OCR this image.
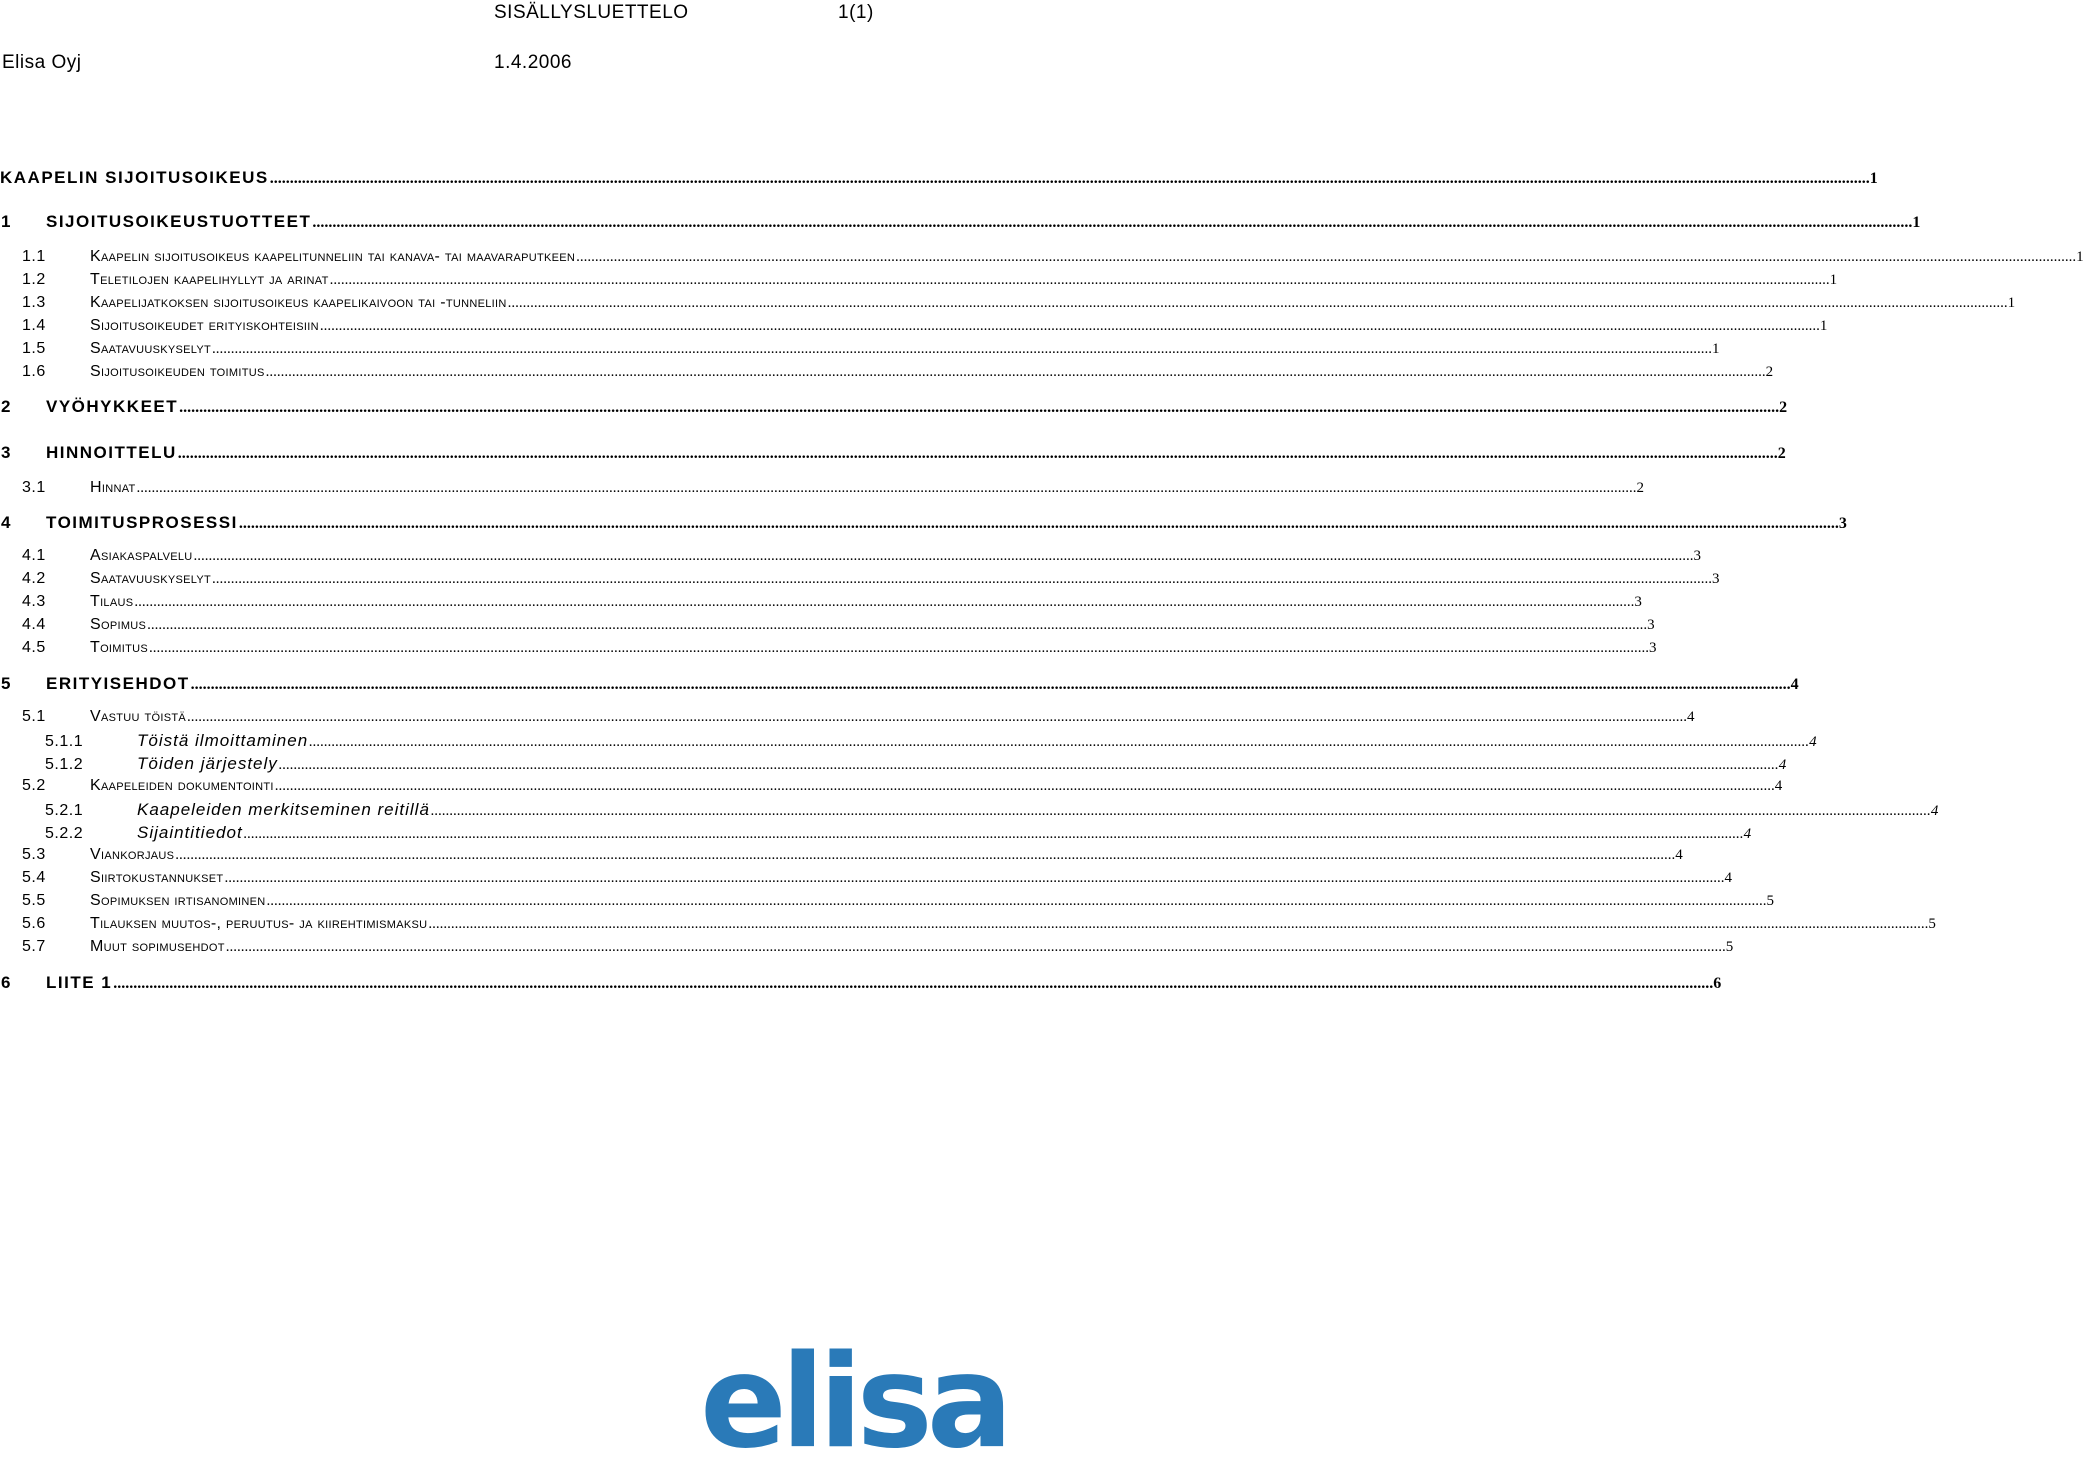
SISÄLLYSLUETTELO	1(1)
Elisa Oyj	1.4.2006
KAAPELIN SIJOITUSOIKEUS ................................................................................................................................................................................................................................................................................................................................................................................................................ 1
1	SIJOITUSOIKEUSTUOTTEET ................................................................................................................................................................................................................................................................................................................................................................................................................ 1
1.1	Kaapelin sijoitusoikeus kaapelitunneliin tai kanava- tai maavaraputkeen ................................................................................................................................................................................................................................................................................................................................................................................................................ 1
1.2	Teletilojen kaapelihyllyt ja arinat ................................................................................................................................................................................................................................................................................................................................................................................................................ 1
1.3	Kaapelijatkoksen sijoitusoikeus kaapelikaivoon tai -tunneliin ................................................................................................................................................................................................................................................................................................................................................................................................................ 1
1.4	Sijoitusoikeudet erityiskohteisiin ................................................................................................................................................................................................................................................................................................................................................................................................................ 1
1.5	Saatavuuskyselyt ................................................................................................................................................................................................................................................................................................................................................................................................................ 1
1.6	Sijoitusoikeuden toimitus ................................................................................................................................................................................................................................................................................................................................................................................................................ 2
2	VYÖHYKKEET ................................................................................................................................................................................................................................................................................................................................................................................................................ 2
3	HINNOITTELU ................................................................................................................................................................................................................................................................................................................................................................................................................ 2
3.1	Hinnat ................................................................................................................................................................................................................................................................................................................................................................................................................ 2
4	TOIMITUSPROSESSI ................................................................................................................................................................................................................................................................................................................................................................................................................ 3
4.1	Asiakaspalvelu ................................................................................................................................................................................................................................................................................................................................................................................................................ 3
4.2	Saatavuuskyselyt ................................................................................................................................................................................................................................................................................................................................................................................................................ 3
4.3	Tilaus ................................................................................................................................................................................................................................................................................................................................................................................................................ 3
4.4	Sopimus ................................................................................................................................................................................................................................................................................................................................................................................................................ 3
4.5	Toimitus ................................................................................................................................................................................................................................................................................................................................................................................................................ 3
5	ERITYISEHDOT ................................................................................................................................................................................................................................................................................................................................................................................................................ 4
5.1	Vastuu töistä ................................................................................................................................................................................................................................................................................................................................................................................................................ 4
5.1.1	Töistä ilmoittaminen ................................................................................................................................................................................................................................................................................................................................................................................................................ 4
5.1.2	Töiden järjestely ................................................................................................................................................................................................................................................................................................................................................................................................................ 4
5.2	Kaapeleiden dokumentointi ................................................................................................................................................................................................................................................................................................................................................................................................................ 4
5.2.1	Kaapeleiden merkitseminen reitillä ................................................................................................................................................................................................................................................................................................................................................................................................................ 4
5.2.2	Sijaintitiedot ................................................................................................................................................................................................................................................................................................................................................................................................................ 4
5.3	Viankorjaus ................................................................................................................................................................................................................................................................................................................................................................................................................ 4
5.4	Siirtokustannukset ................................................................................................................................................................................................................................................................................................................................................................................................................ 4
5.5	Sopimuksen irtisanominen ................................................................................................................................................................................................................................................................................................................................................................................................................ 5
5.6	Tilauksen muutos-, peruutus- ja kiirehtimismaksu ................................................................................................................................................................................................................................................................................................................................................................................................................ 5
5.7	Muut sopimusehdot ................................................................................................................................................................................................................................................................................................................................................................................................................ 5
6	LIITE 1 ................................................................................................................................................................................................................................................................................................................................................................................................................ 6
elisa
